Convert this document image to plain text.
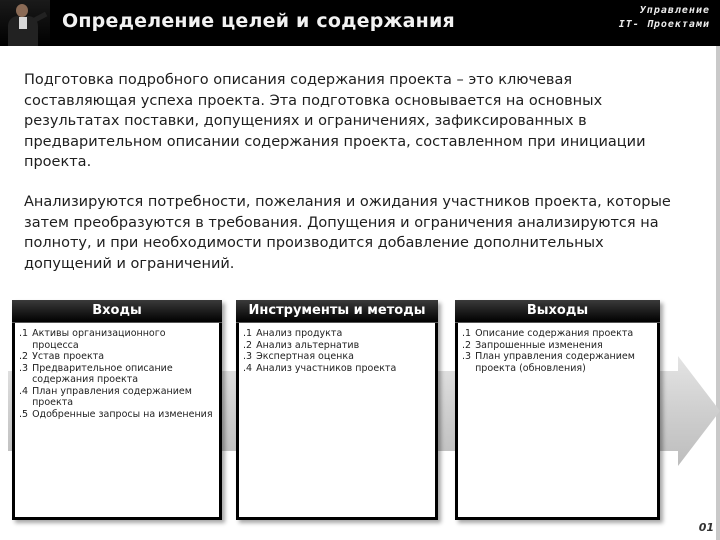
Определение целей и содержания	Управление
IT- Проектами

Подготовка подробного описания содержания проекта – это ключевая составляющая успеха проекта. Эта подготовка основывается на основных результатах поставки, допущениях и ограничениях, зафиксированных в предварительном описании содержания проекта, составленном при инициации проекта.

Анализируются потребности, пожелания и ожидания участников проекта, которые затем преобразуются в требования. Допущения и ограничения анализируются на полноту, и при необходимости производится добавление дополнительных допущений и ограничений.

Входы
.1 Активы организационного процесса
.2 Устав проекта
.3 Предварительное описание содержания проекта
.4 План управления содержанием проекта
.5 Одобренные запросы на изменения
Инструменты и методы
.1 Анализ продукта
.2 Анализ альтернатив
.3 Экспертная оценка
.4 Анализ участников проекта
Выходы
.1 Описание содержания проекта
.2 Запрошенные изменения
.3 План управления содержанием проекта (обновления)
01
